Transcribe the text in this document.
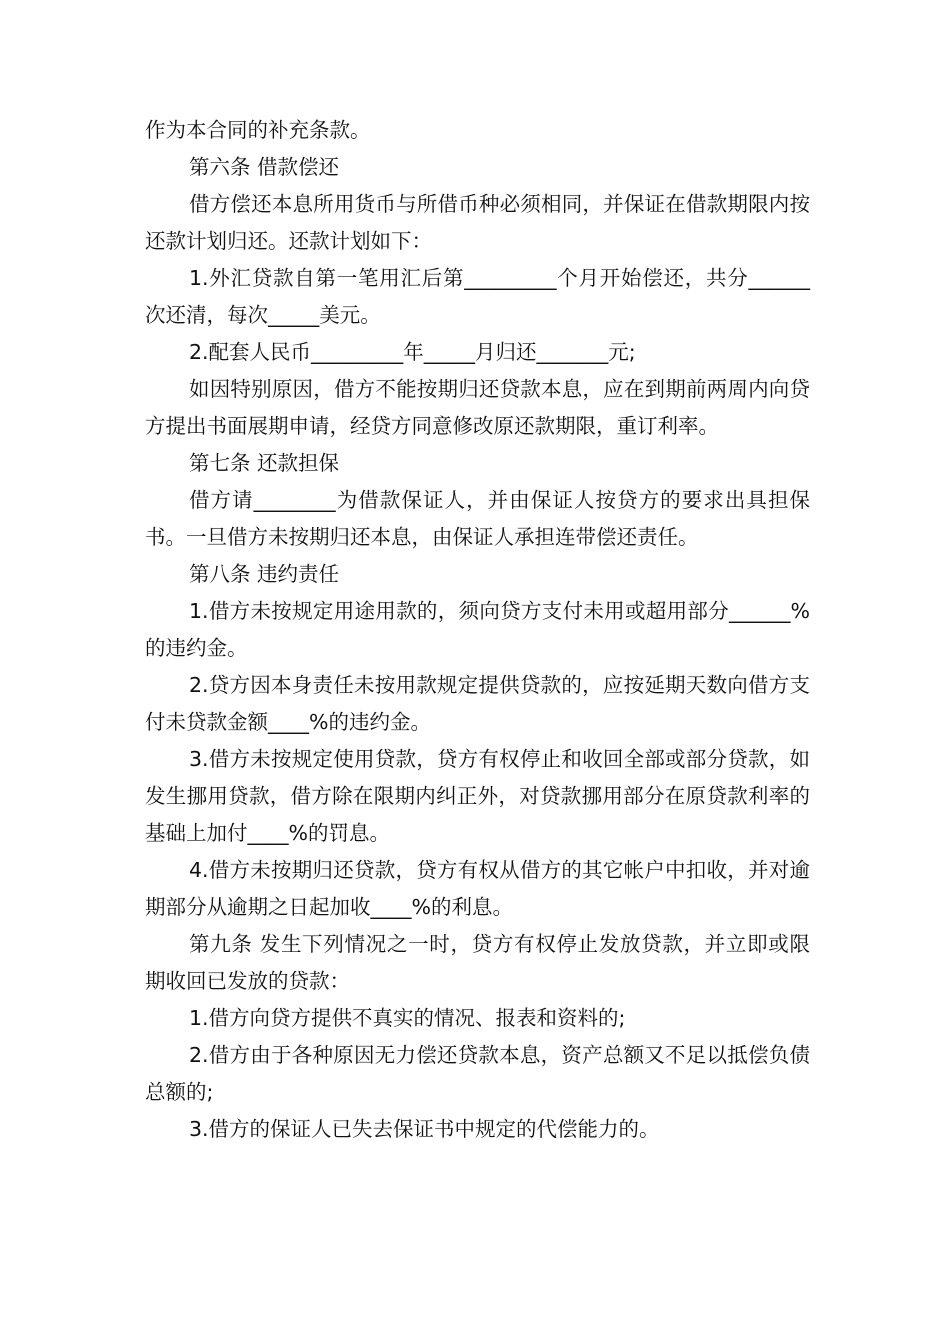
作为本合同的补充条款。

第六条 借款偿还

借方偿还本息所用货币与所借币种必须相同，并保证在借款期限内按还款计划归还。还款计划如下：

1.外汇贷款自第一笔用汇后第_________个月开始偿还，共分______次还清，每次_____美元。

2.配套人民币_________年_____月归还_______元;

如因特别原因，借方不能按期归还贷款本息，应在到期前两周内向贷方提出书面展期申请，经贷方同意修改原还款期限，重订利率。

第七条 还款担保

借方请________为借款保证人，并由保证人按贷方的要求出具担保书。一旦借方未按期归还本息，由保证人承担连带偿还责任。

第八条 违约责任

1.借方未按规定用途用款的，须向贷方支付未用或超用部分______%的违约金。

2.贷方因本身责任未按用款规定提供贷款的，应按延期天数向借方支付未贷款金额____%的违约金。

3.借方未按规定使用贷款，贷方有权停止和收回全部或部分贷款，如发生挪用贷款，借方除在限期内纠正外，对贷款挪用部分在原贷款利率的基础上加付____%的罚息。

4.借方未按期归还贷款，贷方有权从借方的其它帐户中扣收，并对逾期部分从逾期之日起加收____%的利息。

第九条 发生下列情况之一时，贷方有权停止发放贷款，并立即或限期收回已发放的贷款：

1.借方向贷方提供不真实的情况、报表和资料的;

2.借方由于各种原因无力偿还贷款本息，资产总额又不足以抵偿负债总额的;

3.借方的保证人已失去保证书中规定的代偿能力的。
